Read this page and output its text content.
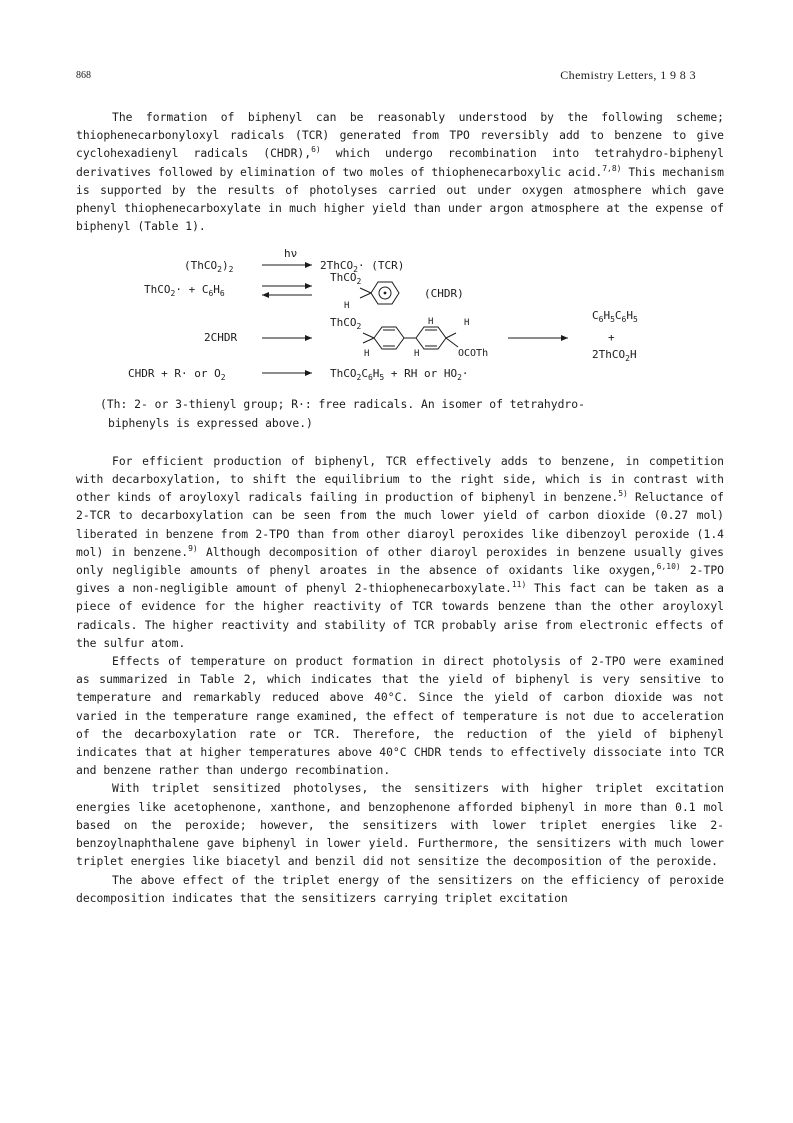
868	Chemistry Letters, 1 9 8 3

The formation of biphenyl can be reasonably understood by the following scheme; thiophenecarbonyloxyl radicals (TCR) generated from TPO reversibly add to benzene to give cyclohexadienyl radicals (CHDR),$^{6)}$ which undergo recombination into tetrahydro-biphenyl derivatives followed by elimination of two moles of thiophenecarboxylic acid.$^{7,8)}$ This mechanism is supported by the results of photolyses carried out under oxygen atmosphere which gave phenyl thiophenecarboxylate in much higher yield than under argon atmosphere at the expense of biphenyl (Table 1).

hν
$(ThCO_2)_2$	2ThCO$_2$· (TCR)
ThCO$_2$· + $C_6H_6$
ThCO$_2$
H
(CHDR)
2CHDR
ThCO$_2$	H	H
H	H	OCOTh
$C_6H_5C_6H_5$
+
2ThCO$_2$H
CHDR + R· or $O_2$	$ThCO_2C_6H_5$ + RH or $HO_2\cdot$

(Th: 2- or 3-thienyl group; R·: free radicals. An isomer of tetrahydro-

biphenyls is expressed above.)

For efficient production of biphenyl, TCR effectively adds to benzene, in competition with decarboxylation, to shift the equilibrium to the right side, which is in contrast with other kinds of aroyloxyl radicals failing in production of biphenyl in benzene.$^{5)}$ Reluctance of 2-TCR to decarboxylation can be seen from the much lower yield of carbon dioxide (0.27 mol) liberated in benzene from 2-TPO than from other diaroyl peroxides like dibenzoyl peroxide (1.4 mol) in benzene.$^{9)}$ Although decomposition of other diaroyl peroxides in benzene usually gives only negligible amounts of phenyl aroates in the absence of oxidants like oxygen,$^{6,10)}$ 2-TPO gives a non-negligible amount of phenyl 2-thiophenecarboxylate.$^{11)}$ This fact can be taken as a piece of evidence for the higher reactivity of TCR towards benzene than the other aroyloxyl radicals. The higher reactivity and stability of TCR probably arise from electronic effects of the sulfur atom.

Effects of temperature on product formation in direct photolysis of 2-TPO were examined as summarized in Table 2, which indicates that the yield of biphenyl is very sensitive to temperature and remarkably reduced above 40°C. Since the yield of carbon dioxide was not varied in the temperature range examined, the effect of temperature is not due to acceleration of the decarboxylation rate or TCR. Therefore, the reduction of the yield of biphenyl indicates that at higher temperatures above 40°C CHDR tends to effectively dissociate into TCR and benzene rather than undergo recombination.

With triplet sensitized photolyses, the sensitizers with higher triplet excitation energies like acetophenone, xanthone, and benzophenone afforded biphenyl in more than 0.1 mol based on the peroxide; however, the sensitizers with lower triplet energies like 2-benzoylnaphthalene gave biphenyl in lower yield. Furthermore, the sensitizers with much lower triplet energies like biacetyl and benzil did not sensitize the decomposition of the peroxide.

The above effect of the triplet energy of the sensitizers on the efficiency of peroxide decomposition indicates that the sensitizers carrying triplet excitation
